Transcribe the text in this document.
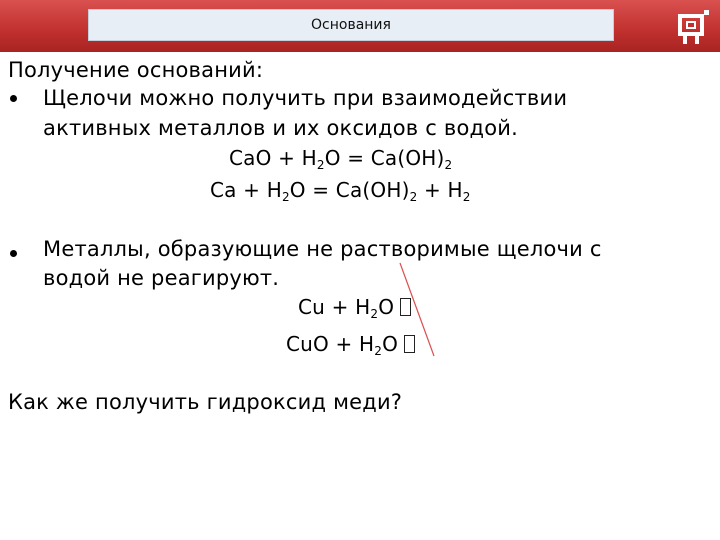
Основания
Получение оснований:
Щелочи можно получить при взаимодействии
активных металлов и их оксидов с водой.
CaO + $H_2O = Ca(OH)_2$
$Ca + H_2O = Ca(OH)_2 + H_2$
Металлы, образующие не растворимые щелочи с
водой не реагируют.
$Cu + H_2O$
CuO + $H_2O$
Как же получить гидроксид меди?
